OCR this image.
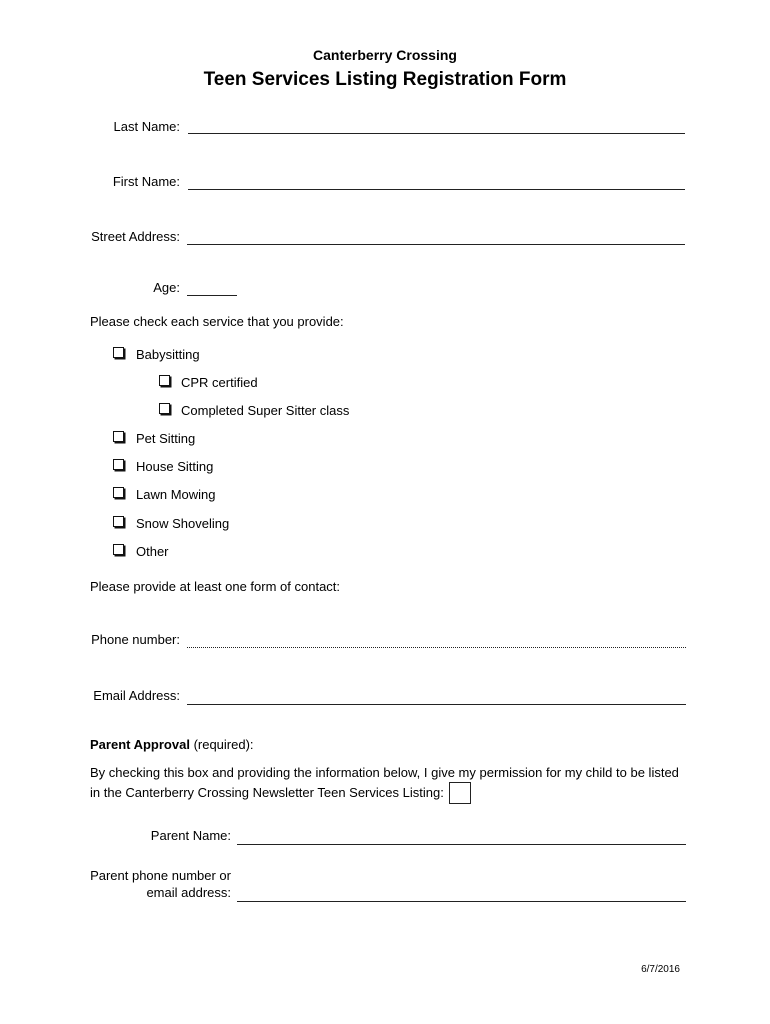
Canterberry Crossing
Teen Services Listing Registration Form
Last Name:
First Name:
Street Address:
Age:
Please check each service that you provide:
Babysitting
CPR certified
Completed Super Sitter class
Pet Sitting
House Sitting
Lawn Mowing
Snow Shoveling
Other
Please provide at least one form of contact:
Phone number:
Email Address:
Parent Approval (required):
By checking this box and providing the information below, I give my permission for my child to be listed
in the Canterberry Crossing Newsletter Teen Services Listing:
Parent Name:
Parent phone number or
email address:
6/7/2016
